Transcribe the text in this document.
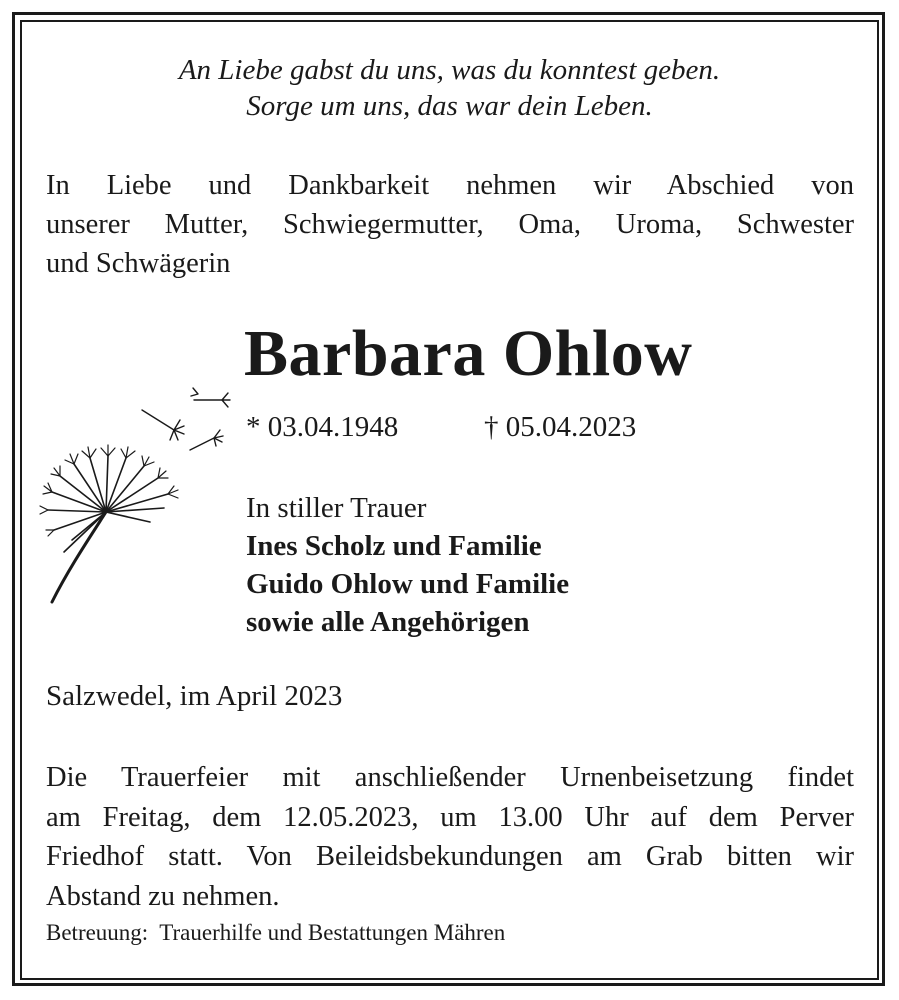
An Liebe gabst du uns, was du konntest geben.
Sorge um uns, das war dein Leben.
In Liebe und Dankbarkeit nehmen wir Abschied von
unserer Mutter, Schwiegermutter, Oma, Uroma, Schwester
und Schwägerin
Barbara Ohlow
* 03.04.1948	† 05.04.2023
In stiller Trauer
Ines Scholz und Familie
Guido Ohlow und Familie
sowie alle Angehörigen
Salzwedel, im April 2023
Die Trauerfeier mit anschließender Urnenbeisetzung findet
am Freitag, dem 12.05.2023, um 13.00 Uhr auf dem Perver
Friedhof statt. Von Beileidsbekundungen am Grab bitten wir
Abstand zu nehmen.
Betreuung:  Trauerhilfe und Bestattungen Mähren
